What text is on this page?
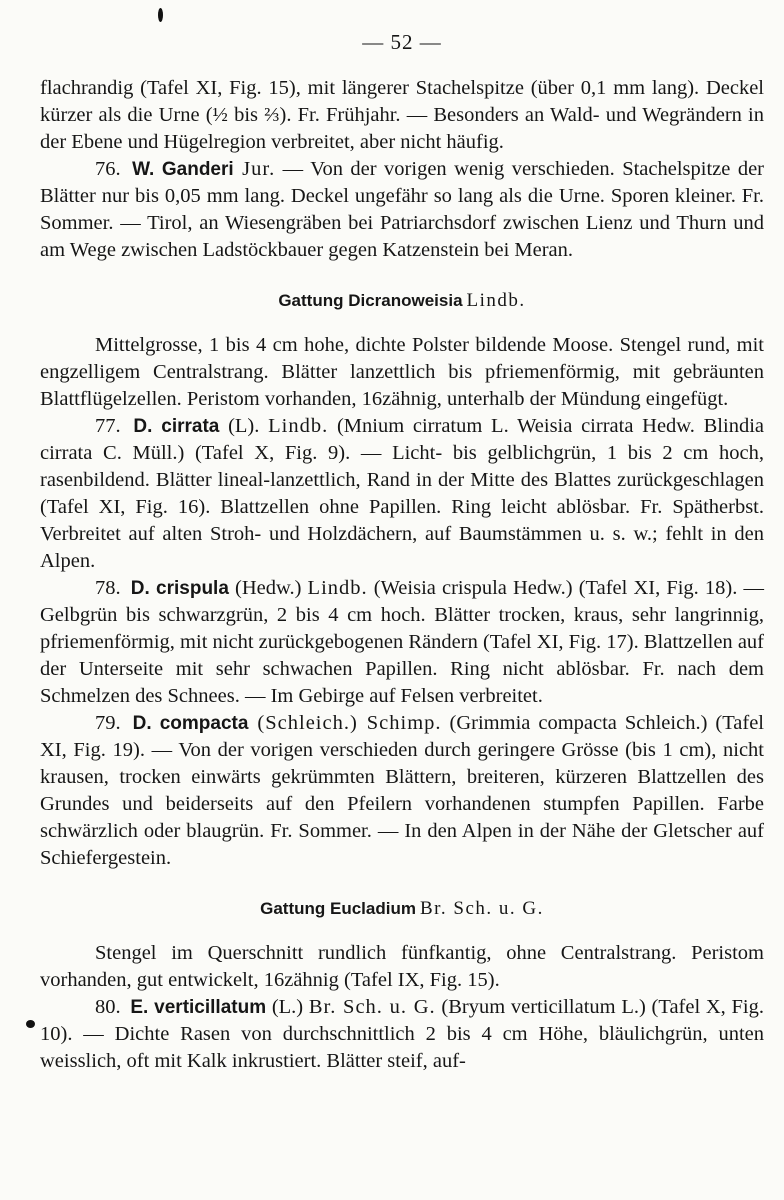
— 52 —

flachrandig (Tafel XI, Fig. 15), mit längerer Stachelspitze (über 0,1 mm lang). Deckel kürzer als die Urne (½ bis ⅔). Fr. Frühjahr. — Besonders an Wald- und Wegrändern in der Ebene und Hügelregion verbreitet, aber nicht häufig.

76. W. Ganderi Jur. — Von der vorigen wenig verschieden. Stachelspitze der Blätter nur bis 0,05 mm lang. Deckel ungefähr so lang als die Urne. Sporen kleiner. Fr. Sommer. — Tirol, an Wiesengräben bei Patriarchsdorf zwischen Lienz und Thurn und am Wege zwischen Ladstöckbauer gegen Katzenstein bei Meran.

Gattung Dicranoweisia Lindb.

Mittelgrosse, 1 bis 4 cm hohe, dichte Polster bildende Moose. Stengel rund, mit engzelligem Centralstrang. Blätter lanzettlich bis pfriemenförmig, mit gebräunten Blattflügelzellen. Peristom vorhanden, 16zähnig, unterhalb der Mündung eingefügt.

77. D. cirrata (L). Lindb. (Mnium cirratum L. Weisia cirrata Hedw. Blindia cirrata C. Müll.) (Tafel X, Fig. 9). — Licht- bis gelblichgrün, 1 bis 2 cm hoch, rasenbildend. Blätter lineal-lanzettlich, Rand in der Mitte des Blattes zurückgeschlagen (Tafel XI, Fig. 16). Blattzellen ohne Papillen. Ring leicht ablösbar. Fr. Spätherbst. Verbreitet auf alten Stroh- und Holzdächern, auf Baumstämmen u. s. w.; fehlt in den Alpen.

78. D. crispula (Hedw.) Lindb. (Weisia crispula Hedw.) (Tafel XI, Fig. 18). — Gelbgrün bis schwarzgrün, 2 bis 4 cm hoch. Blätter trocken, kraus, sehr langrinnig, pfriemenförmig, mit nicht zurückgebogenen Rändern (Tafel XI, Fig. 17). Blattzellen auf der Unterseite mit sehr schwachen Papillen. Ring nicht ablösbar. Fr. nach dem Schmelzen des Schnees. — Im Gebirge auf Felsen verbreitet.

79. D. compacta (Schleich.) Schimp. (Grimmia compacta Schleich.) (Tafel XI, Fig. 19). — Von der vorigen verschieden durch geringere Grösse (bis 1 cm), nicht krausen, trocken einwärts gekrümmten Blättern, breiteren, kürzeren Blattzellen des Grundes und beiderseits auf den Pfeilern vorhandenen stumpfen Papillen. Farbe schwärzlich oder blaugrün. Fr. Sommer. — In den Alpen in der Nähe der Gletscher auf Schiefergestein.

Gattung Eucladium Br. Sch. u. G.

Stengel im Querschnitt rundlich fünfkantig, ohne Centralstrang. Peristom vorhanden, gut entwickelt, 16zähnig (Tafel IX, Fig. 15).

80. E. verticillatum (L.) Br. Sch. u. G. (Bryum verticillatum L.) (Tafel X, Fig. 10). — Dichte Rasen von durchschnittlich 2 bis 4 cm Höhe, bläulichgrün, unten weisslich, oft mit Kalk inkrustiert. Blätter steif, auf-
